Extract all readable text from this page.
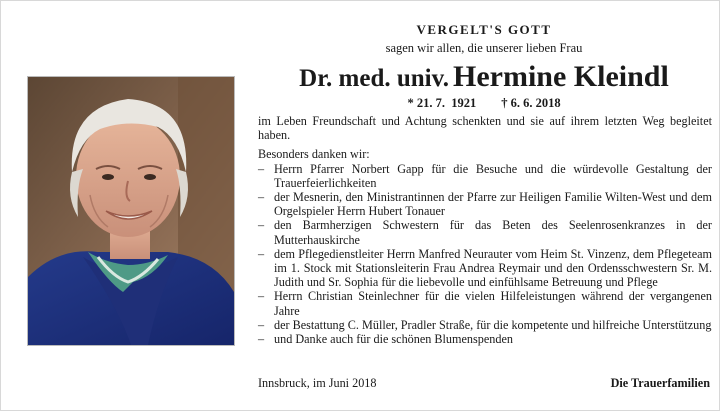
VERGELT'S GOTT
sagen wir allen, die unserer lieben Frau
Dr. med. univ. Hermine Kleindl
* 21. 7.  1921        † 6. 6. 2018

im Leben Freundschaft und Achtung schenkten und sie auf ihrem letzten Weg begleitet haben.

Besonders danken wir:

– Herrn Pfarrer Norbert Gapp für die Besuche und die würdevolle Gestaltung der Trauerfeierlichkeiten
– der Mesnerin, den Ministrantinnen der Pfarre zur Heiligen Familie Wilten-West und dem Orgelspieler Herrn Hubert Tonauer
– den Barmherzigen Schwestern für das Beten des Seelenrosenkranzes in der Mutterhauskirche
– dem Pflegedienstleiter Herrn Manfred Neurauter vom Heim St. Vinzenz, dem Pflegeteam im 1. Stock mit Stationsleiterin Frau Andrea Reymair und den Ordensschwestern Sr. M. Judith und Sr. Sophia für die liebevolle und einfühlsame Betreuung und Pflege
– Herrn Christian Steinlechner für die vielen Hilfeleistungen während der vergangenen Jahre
– der Bestattung C. Müller, Pradler Straße, für die kompetente und hilfreiche Unterstützung
– und Danke auch für die schönen Blumenspenden
Innsbruck, im Juni 2018	Die Trauerfamilien
